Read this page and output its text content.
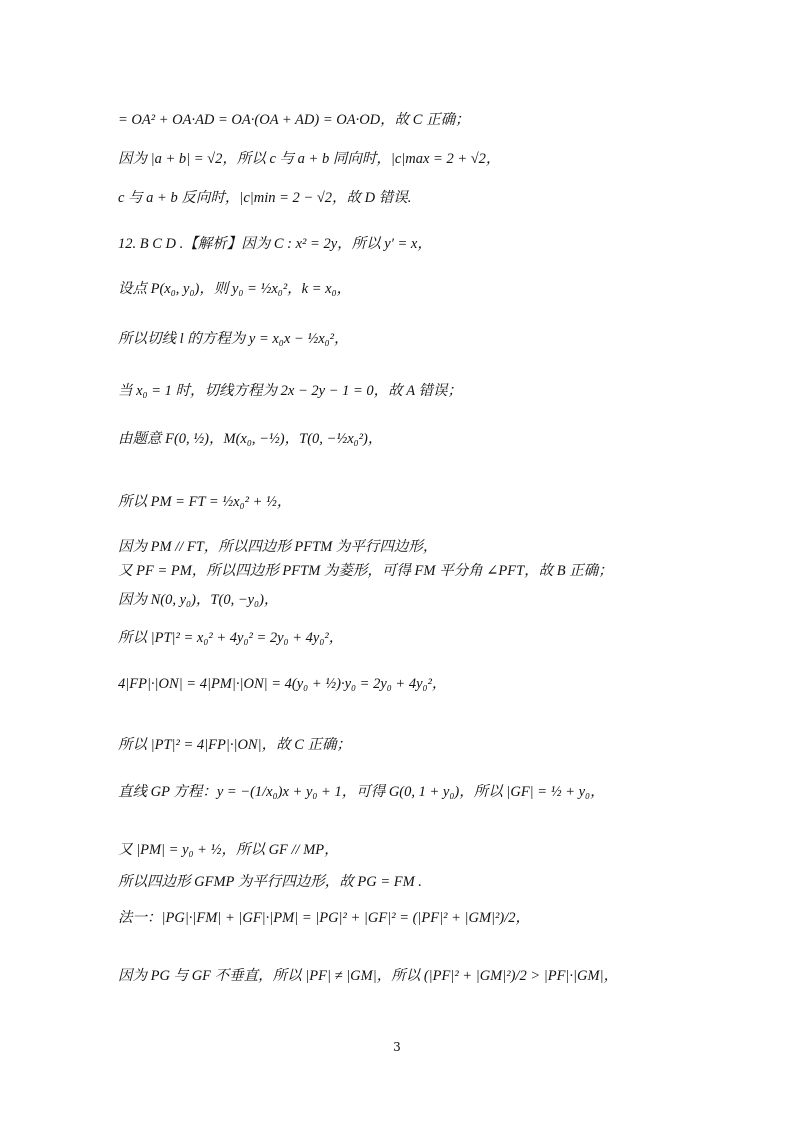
= OA² + OA·AD = OA·(OA + AD) = OA·OD，故 C 正确；
因为 |a + b| = √2，所以 c 与 a + b 同向时，|c|max = 2 + √2，
c 与 a + b 反向时，|c|min = 2 − √2，故 D 错误.
12. B C D .【解析】因为 C : x² = 2y，所以 y′ = x，
设点 P(x₀, y₀)，则 y₀ = ½x₀²，k = x₀，
所以切线 l 的方程为 y = x₀x − ½x₀²，
当 x₀ = 1 时，切线方程为 2x − 2y − 1 = 0，故 A 错误；
由题意 F(0, ½)，M(x₀, −½)，T(0, −½x₀²)，
所以 PM = FT = ½x₀² + ½，
因为 PM // FT，所以四边形 PFTM 为平行四边形，
又 PF = PM，所以四边形 PFTM 为菱形，可得 FM 平分角 ∠PFT，故 B 正确；
因为 N(0, y₀)，T(0, −y₀)，
所以 |PT|² = x₀² + 4y₀² = 2y₀ + 4y₀²，
4|FP|·|ON| = 4|PM|·|ON| = 4(y₀ + ½)·y₀ = 2y₀ + 4y₀²，
所以 |PT|² = 4|FP|·|ON|，故 C 正确；
直线 GP 方程：y = −(1/x₀)x + y₀ + 1，可得 G(0, 1 + y₀)，所以 |GF| = ½ + y₀，
又 |PM| = y₀ + ½，所以 GF // MP，
所以四边形 GFMP 为平行四边形，故 PG = FM .
法一：|PG|·|FM| + |GF|·|PM| = |PG|² + |GF|² = (|PF|² + |GM|²)/2，
因为 PG 与 GF 不垂直，所以 |PF| ≠ |GM|，所以 (|PF|² + |GM|²)/2 > |PF|·|GM|，
3
